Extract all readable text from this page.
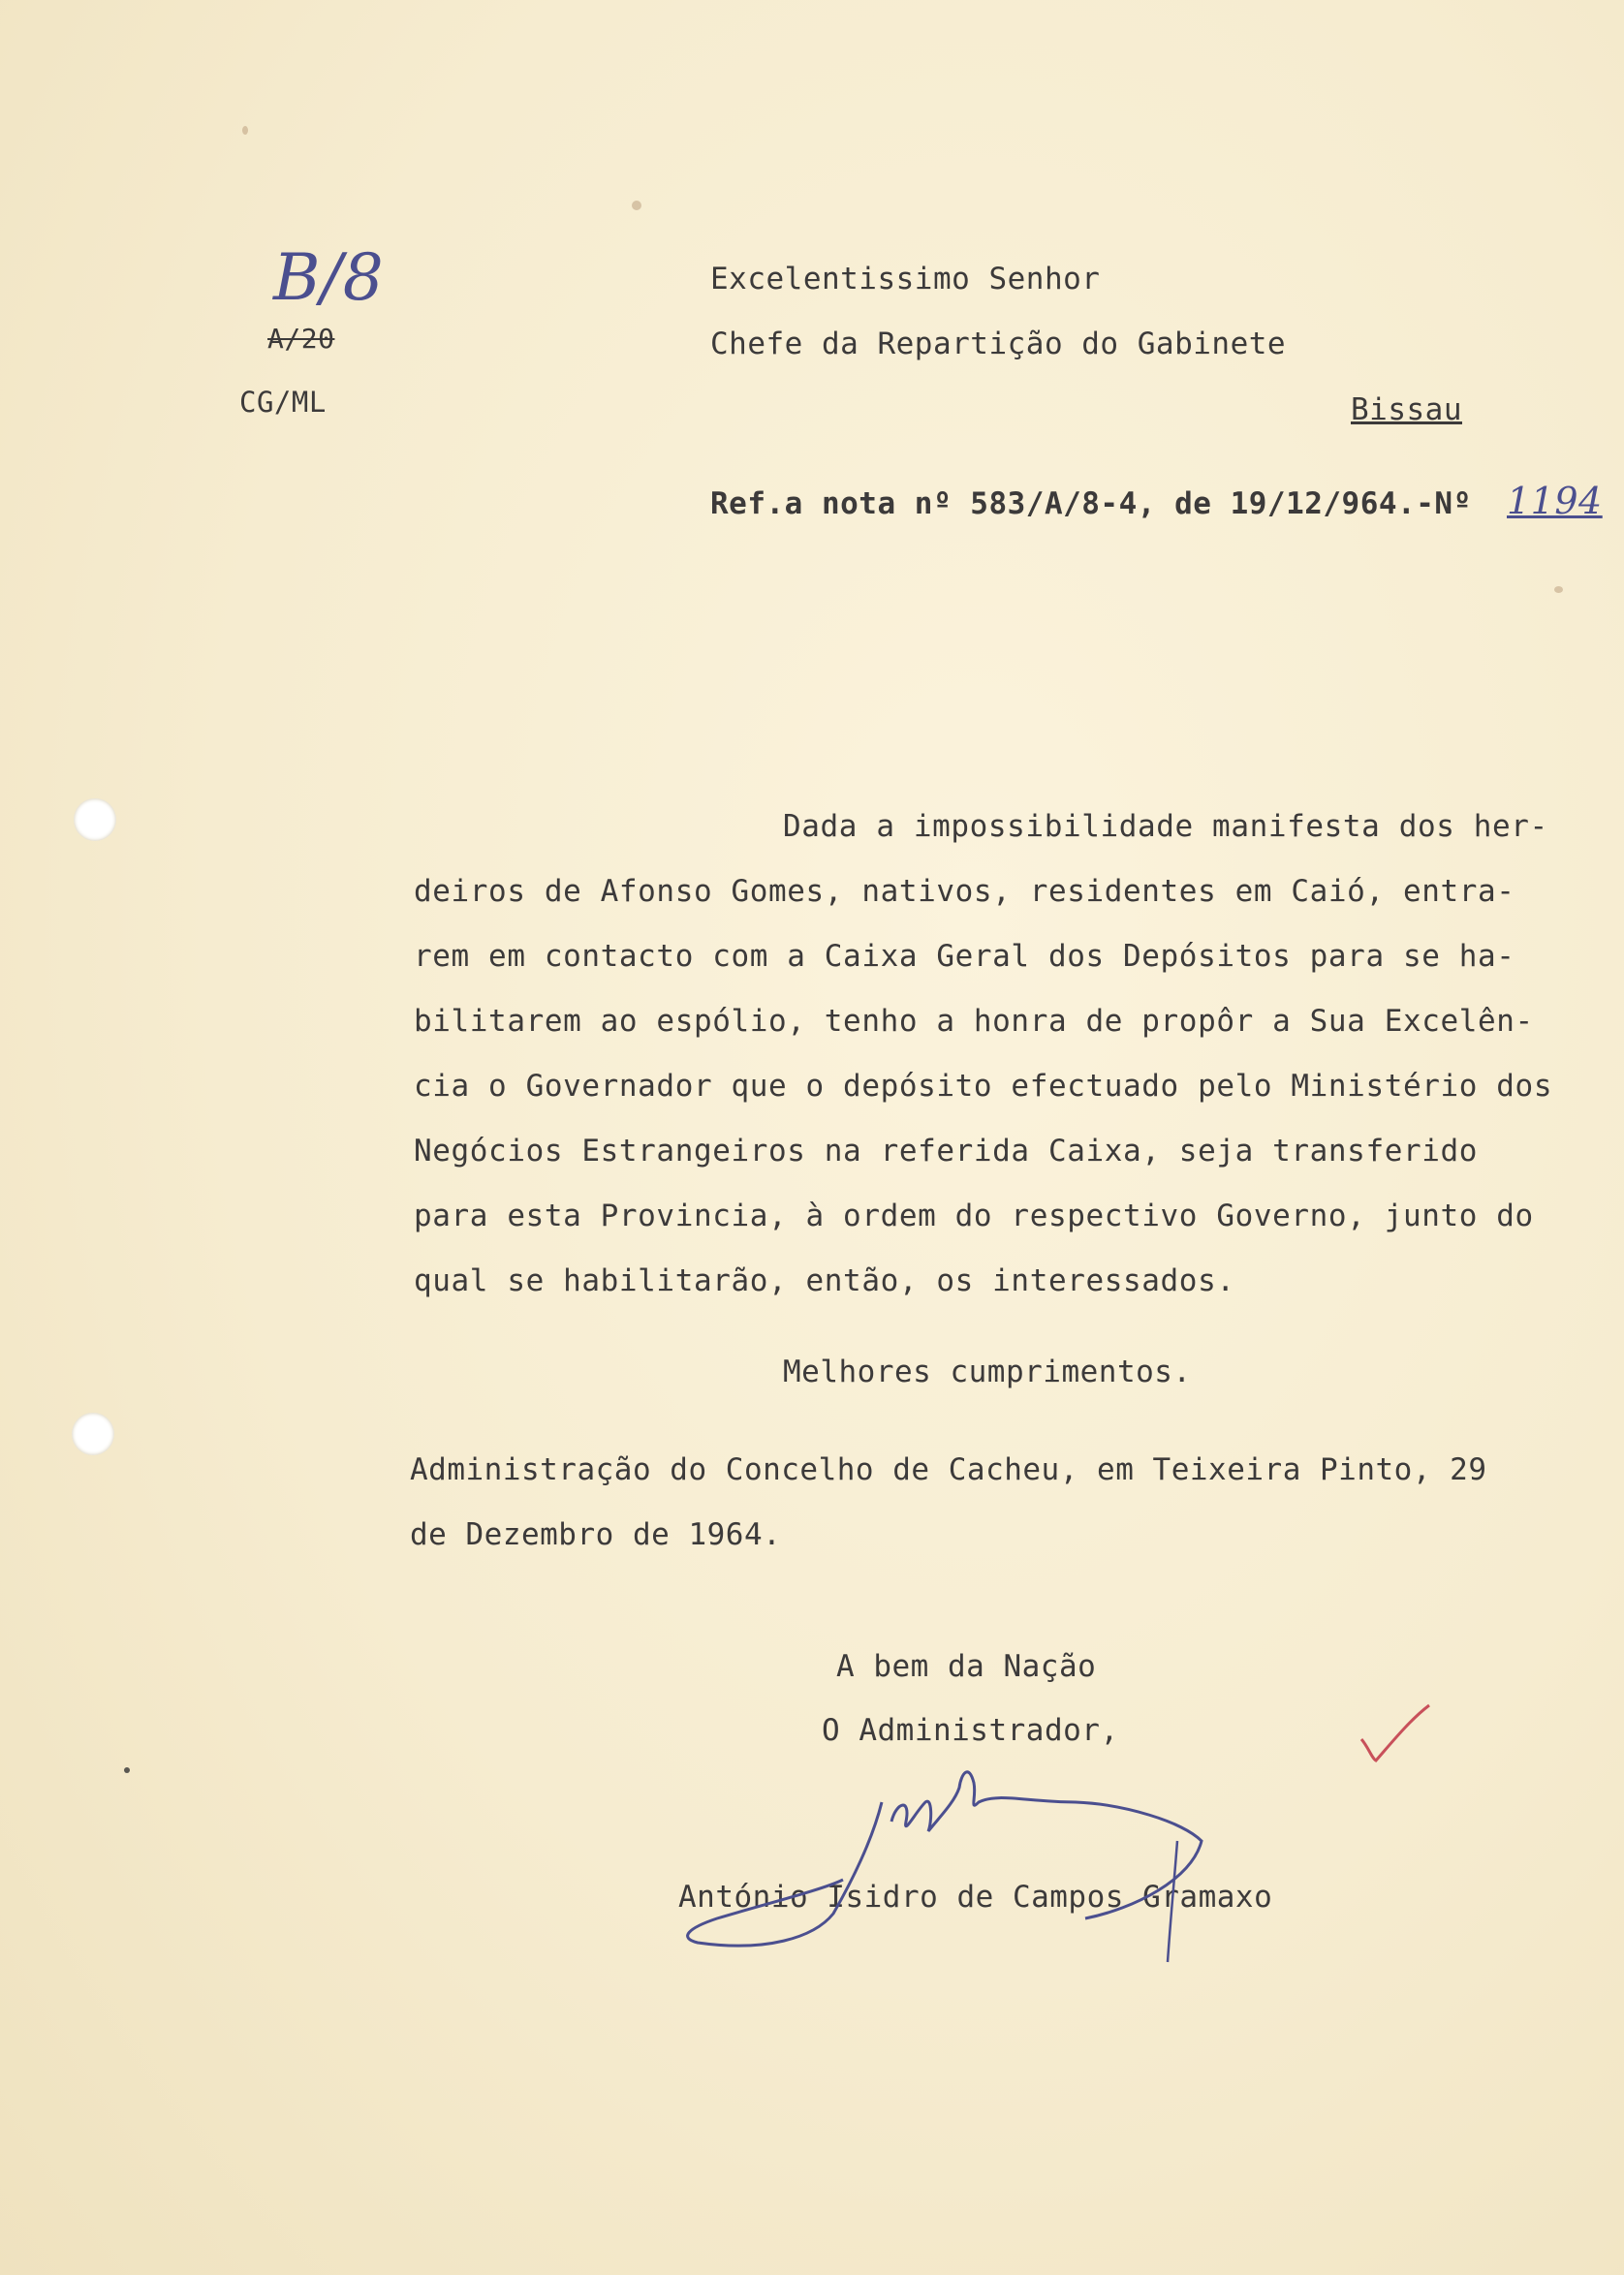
B/8
A/20
CG/ML
Excelentissimo Senhor
Chefe da Repartição do Gabinete
Bissau
Ref.a nota nº 583/A/8-4, de 19/12/964.-Nº 1194
Dada a impossibilidade manifesta dos her-
deiros de Afonso Gomes, nativos, residentes em Caió, entra-
rem em contacto com a Caixa Geral dos Depósitos para se ha-
bilitarem ao espólio, tenho a honra de propôr a Sua Excelên-
cia o Governador que o depósito efectuado pelo Ministério dos
Negócios Estrangeiros na referida Caixa, seja transferido
para esta Provincia, à ordem do respectivo Governo, junto do
qual se habilitarão, então, os interessados.
Melhores cumprimentos.
Administração do Concelho de Cacheu, em Teixeira Pinto, 29
de Dezembro de 1964.
A bem da Nação
O Administrador,
António Isidro de Campos Gramaxo
